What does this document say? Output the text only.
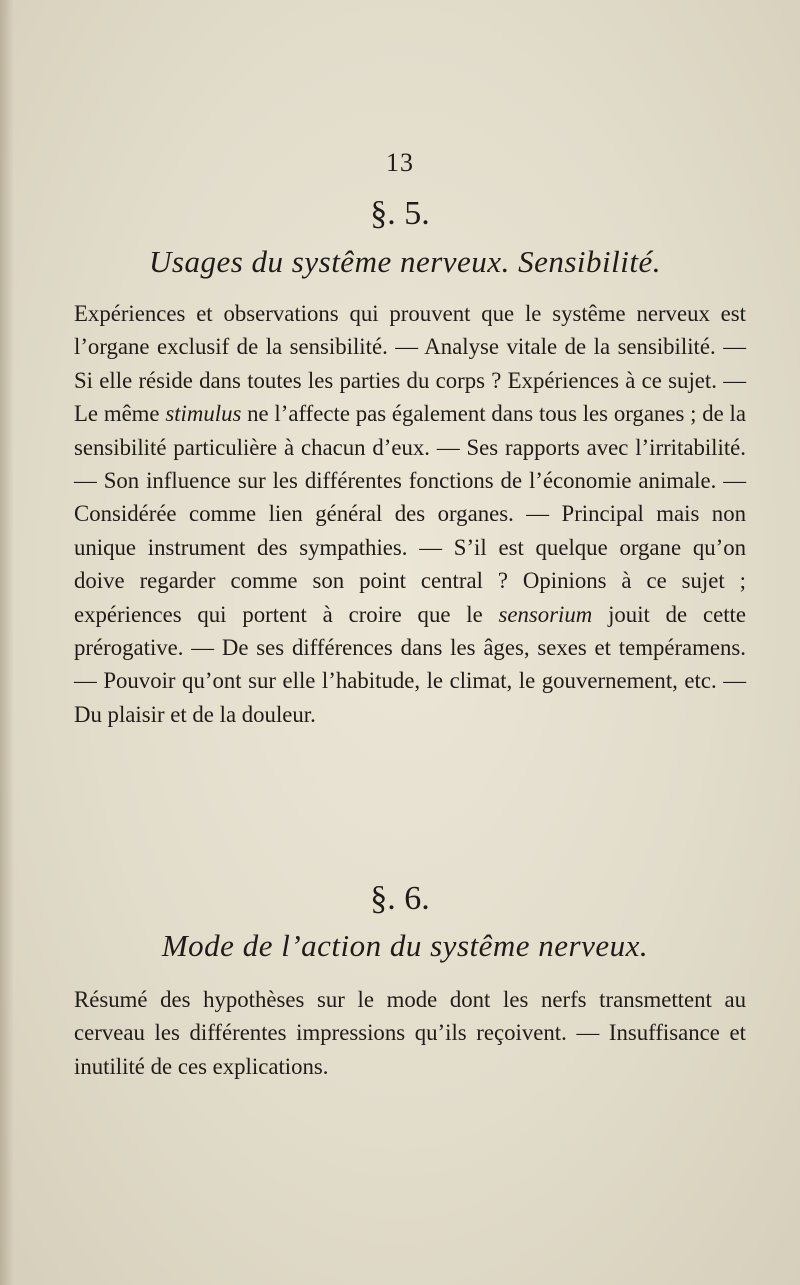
13
§. 5.
Usages du systême nerveux. Sensibilité.

Expériences et observations qui prouvent que le systême nerveux est l’organe exclusif de la sensibilité. — Analyse vitale de la sensibilité. — Si elle réside dans toutes les parties du corps ? Expériences à ce sujet. — Le même stimulus ne l’affecte pas également dans tous les organes ; de la sensibilité particulière à chacun d’eux. — Ses rapports avec l’irritabilité. — Son influence sur les différentes fonctions de l’économie animale. — Considérée comme lien général des organes. — Principal mais non unique instrument des sympathies. — S’il est quelque organe qu’on doive regarder comme son point central ? Opinions à ce sujet ; expériences qui portent à croire que le sensorium jouit de cette prérogative. — De ses différences dans les âges, sexes et tempéramens. — Pouvoir qu’ont sur elle l’habitude, le climat, le gouvernement, etc. — Du plaisir et de la douleur.

§. 6.
Mode de l’action du systême nerveux.

Résumé des hypothèses sur le mode dont les nerfs transmettent au cerveau les différentes impressions qu’ils reçoivent. — Insuffisance et inutilité de ces explications.
